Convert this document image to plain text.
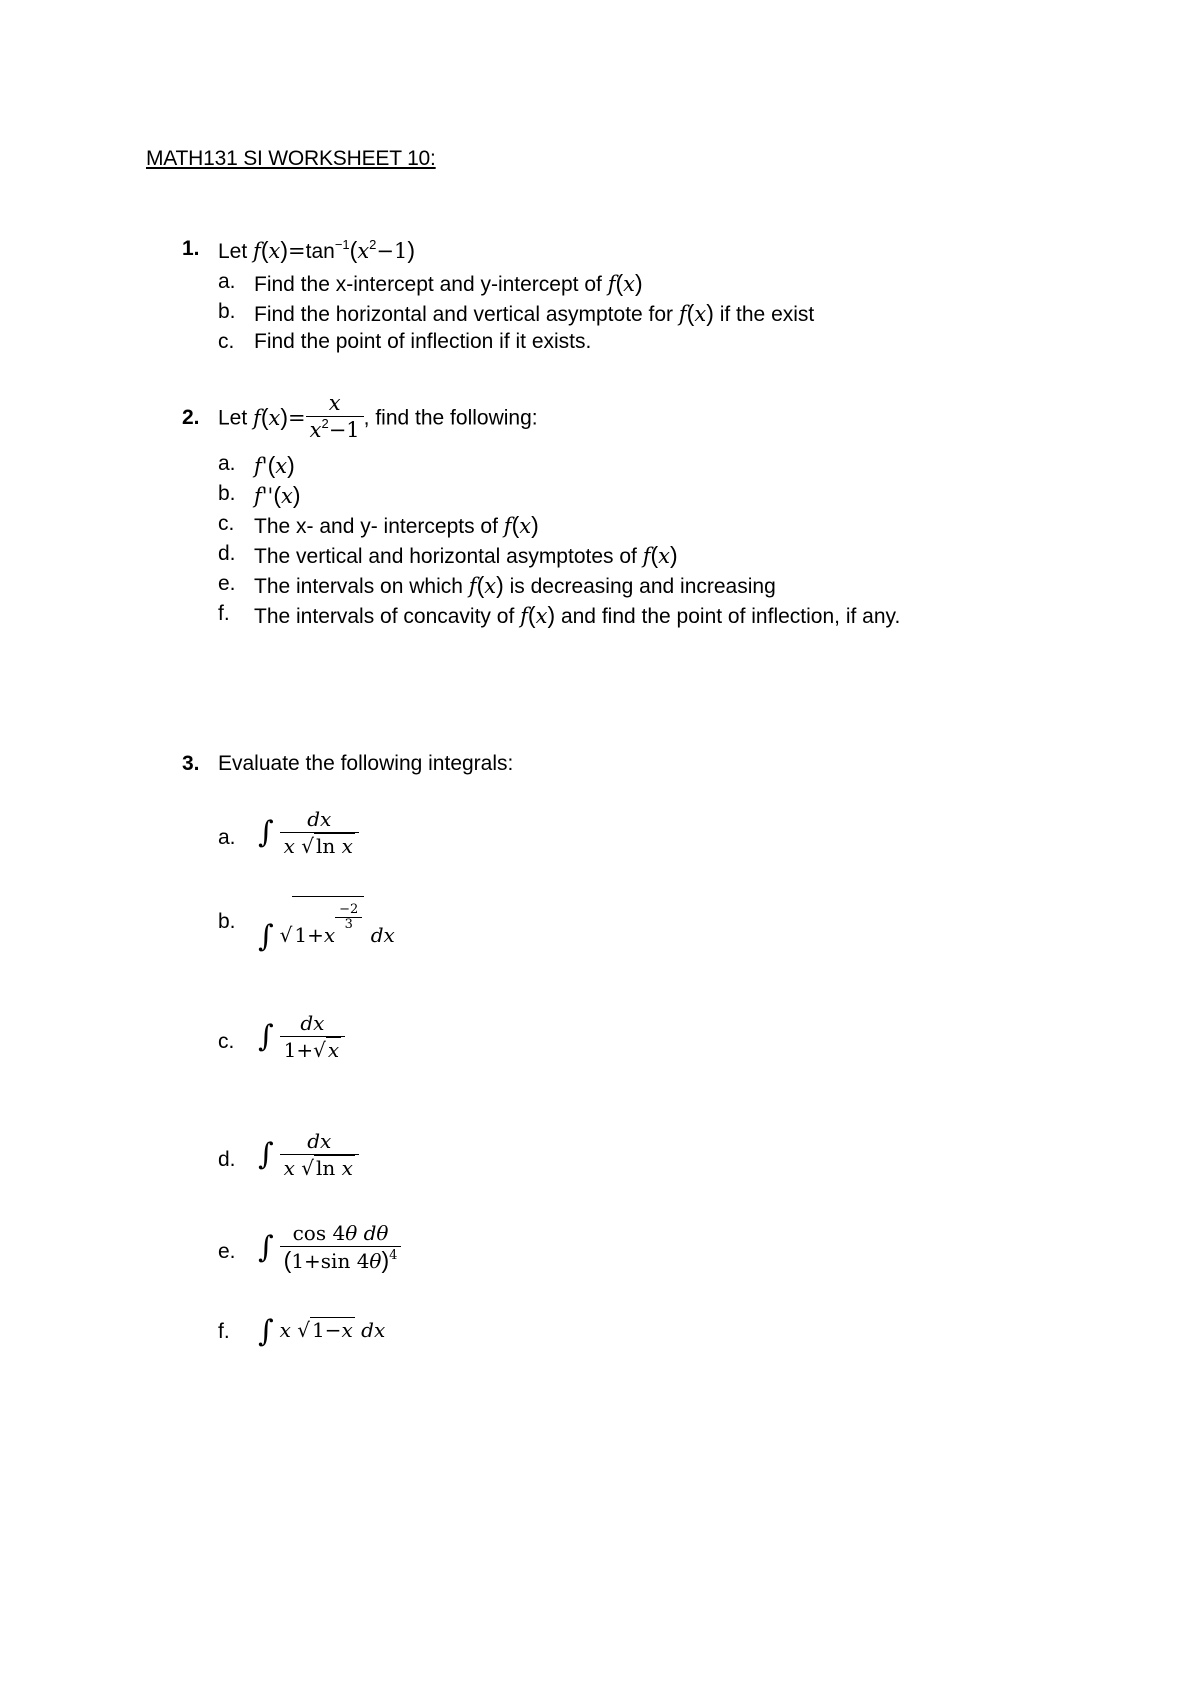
MATH131 SI WORKSHEET 10:
1. Let $f(x)=\tan^{-1}(x^2-1)$
a. Find the x-intercept and y-intercept of f(x)
b. Find the horizontal and vertical asymptote for f(x) if the exist
c. Find the point of inflection if it exists.
2. Let $f(x)= \frac{x}{x^2-1}$ , find the following:
a. f'(x)
b. f''(x)
c. The x- and y- intercepts of f(x)
d. The vertical and horizontal asymptotes of f(x)
e. The intervals on which f(x) is decreasing and increasing
f. The intervals of concavity of f(x) and find the point of inflection, if any.
3. Evaluate the following integrals:
a. ∫ $\frac{dx}{\text{x √ ln x}}$
b. ∫ √ 1+x
$\frac{-2}{3}$
dx
c. ∫ $\frac{dx}{1+√ x}$
d. ∫ $\frac{dx}{\text{x √ ln x}}$
e. ∫ $\frac{\text{cos 4θ dθ}}{(1+\sin 4\theta)^4}$
f. ∫ x √ 1−x dx
